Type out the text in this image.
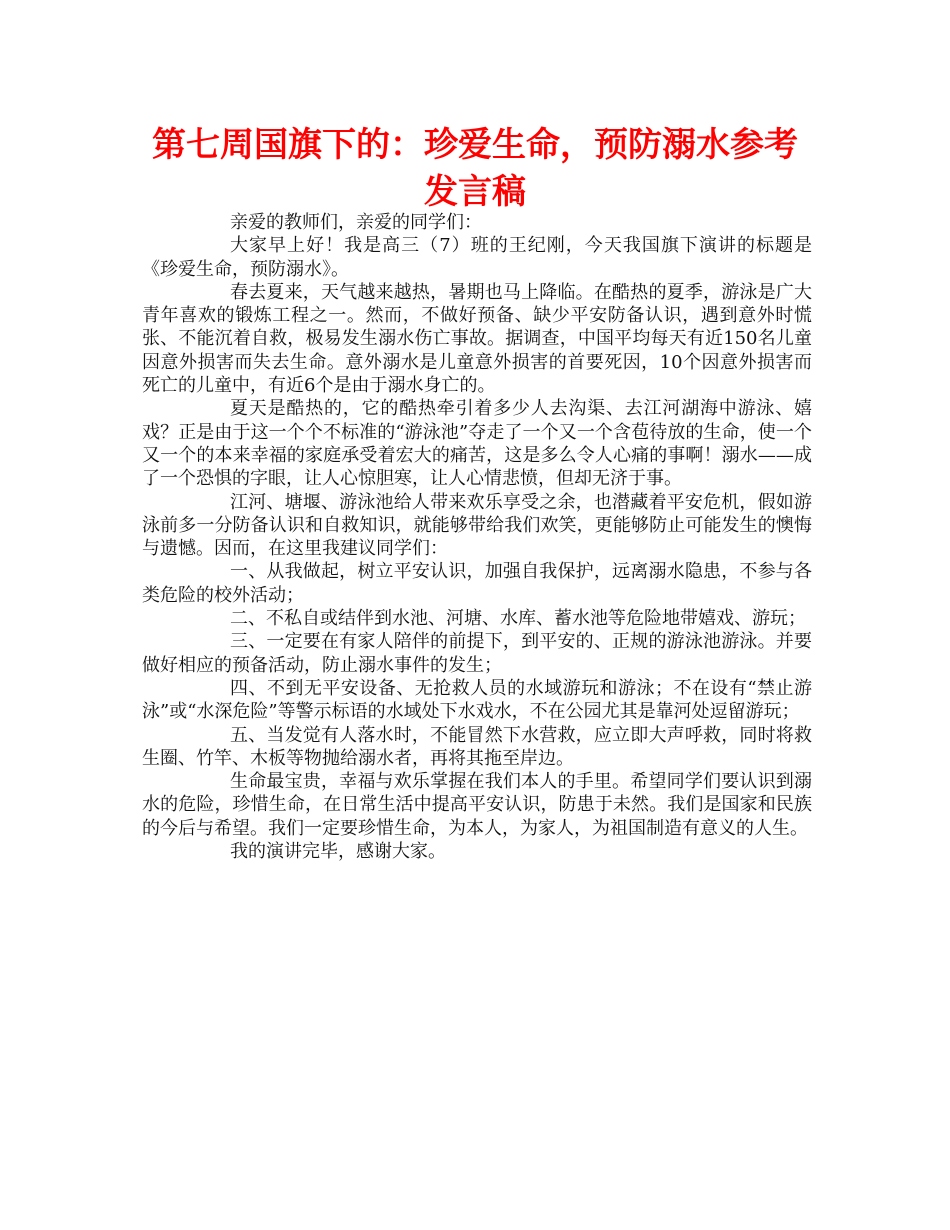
第七周国旗下的：珍爱生命，预防溺水参考发言稿

亲爱的教师们，亲爱的同学们：

大家早上好！我是高三（7）班的王纪刚，今天我国旗下演讲的标题是《珍爱生命，预防溺水》。

春去夏来，天气越来越热，暑期也马上降临。在酷热的夏季，游泳是广大青年喜欢的锻炼工程之一。然而，不做好预备、缺少平安防备认识，遇到意外时慌张、不能沉着自救，极易发生溺水伤亡事故。据调查，中国平均每天有近150名儿童因意外损害而失去生命。意外溺水是儿童意外损害的首要死因，10个因意外损害而死亡的儿童中，有近6个是由于溺水身亡的。

夏天是酷热的，它的酷热牵引着多少人去沟渠、去江河湖海中游泳、嬉戏？正是由于这一个个不标准的“游泳池”夺走了一个又一个含苞待放的生命，使一个又一个的本来幸福的家庭承受着宏大的痛苦，这是多么令人心痛的事啊！溺水——成了一个恐惧的字眼，让人心惊胆寒，让人心情悲愤，但却无济于事。

江河、塘堰、游泳池给人带来欢乐享受之余，也潜藏着平安危机，假如游泳前多一分防备认识和自救知识，就能够带给我们欢笑，更能够防止可能发生的懊悔与遗憾。因而，在这里我建议同学们：

一、从我做起，树立平安认识，加强自我保护，远离溺水隐患，不参与各类危险的校外活动；

二、不私自或结伴到水池、河塘、水库、蓄水池等危险地带嬉戏、游玩；

三、一定要在有家人陪伴的前提下，到平安的、正规的游泳池游泳。并要做好相应的预备活动，防止溺水事件的发生；

四、不到无平安设备、无抢救人员的水域游玩和游泳；不在设有“禁止游泳”或“水深危险”等警示标语的水域处下水戏水，不在公园尤其是靠河处逗留游玩；

五、当发觉有人落水时，不能冒然下水营救，应立即大声呼救，同时将救生圈、竹竿、木板等物抛给溺水者，再将其拖至岸边。

生命最宝贵，幸福与欢乐掌握在我们本人的手里。希望同学们要认识到溺水的危险，珍惜生命，在日常生活中提高平安认识，防患于未然。我们是国家和民族的今后与希望。我们一定要珍惜生命，为本人，为家人，为祖国制造有意义的人生。

我的演讲完毕，感谢大家。
